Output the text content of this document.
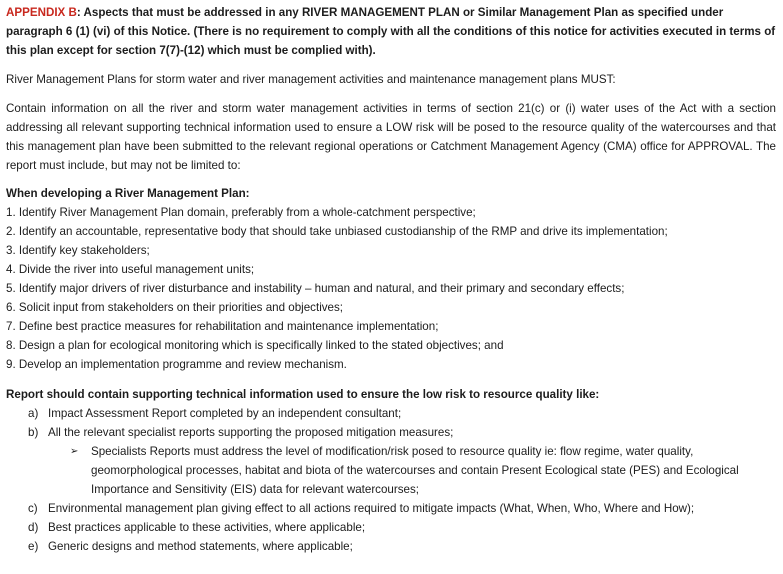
APPENDIX B: Aspects that must be addressed in any RIVER MANAGEMENT PLAN or Similar Management Plan as specified under paragraph 6 (1) (vi) of this Notice. (There is no requirement to comply with all the conditions of this notice for activities executed in terms of this plan except for section 7(7)-(12) which must be complied with).

River Management Plans for storm water and river management activities and maintenance management plans MUST:

Contain information on all the river and storm water management activities in terms of section 21(c) or (i) water uses of the Act with a section addressing all relevant supporting technical information used to ensure a LOW risk will be posed to the resource quality of the watercourses and that this management plan have been submitted to the relevant regional operations or Catchment Management Agency (CMA) office for APPROVAL. The report must include, but may not be limited to:

When developing a River Management Plan:

1. Identify River Management Plan domain, preferably from a whole-catchment perspective;
2. Identify an accountable, representative body that should take unbiased custodianship of the RMP and drive its implementation;
3. Identify key stakeholders;
4. Divide the river into useful management units;
5. Identify major drivers of river disturbance and instability – human and natural, and their primary and secondary effects;
6. Solicit input from stakeholders on their priorities and objectives;
7. Define best practice measures for rehabilitation and maintenance implementation;
8. Design a plan for ecological monitoring which is specifically linked to the stated objectives; and
9. Develop an implementation programme and review mechanism.

Report should contain supporting technical information used to ensure the low risk to resource quality like:

a) Impact Assessment Report completed by an independent consultant;
b) All the relevant specialist reports supporting the proposed mitigation measures;
➢	Specialists Reports must address the level of modification/risk posed to resource quality ie: flow regime, water quality, geomorphological processes, habitat and biota of the watercourses and contain Present Ecological state (PES) and Ecological Importance and Sensitivity (EIS) data for relevant watercourses;
c) Environmental management plan giving effect to all actions required to mitigate impacts (What, When, Who, Where and How);
d) Best practices applicable to these activities, where applicable;
e) Generic designs and method statements, where applicable;
